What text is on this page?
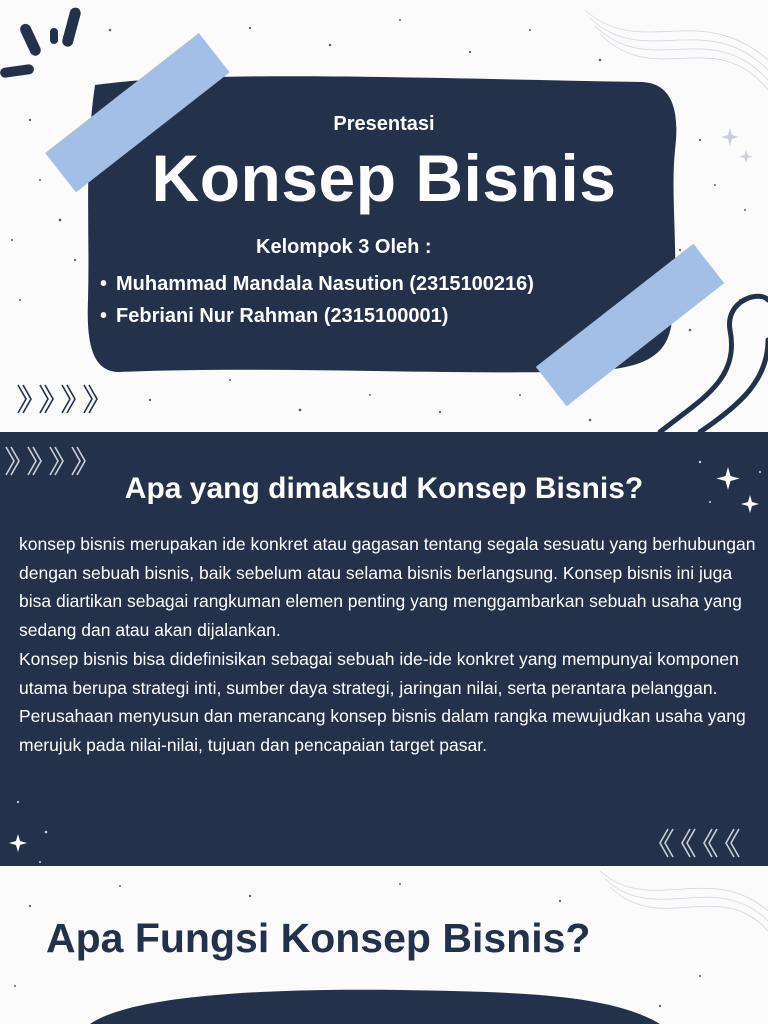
Presentasi
Konsep Bisnis
Kelompok 3 Oleh :
• Muhammad Mandala Nasution (2315100216)
• Febriani Nur Rahman (2315100001)
Apa yang dimaksud Konsep Bisnis?

konsep bisnis merupakan ide konkret atau gagasan tentang segala sesuatu yang berhubungan dengan sebuah bisnis, baik sebelum atau selama bisnis berlangsung. Konsep bisnis ini juga bisa diartikan sebagai rangkuman elemen penting yang menggambarkan sebuah usaha yang sedang dan atau akan dijalankan.

Konsep bisnis bisa didefinisikan sebagai sebuah ide-ide konkret yang mempunyai komponen utama berupa strategi inti, sumber daya strategi, jaringan nilai, serta perantara pelanggan. Perusahaan menyusun dan merancang konsep bisnis dalam rangka mewujudkan usaha yang merujuk pada nilai-nilai, tujuan dan pencapaian target pasar.

Apa Fungsi Konsep Bisnis?
